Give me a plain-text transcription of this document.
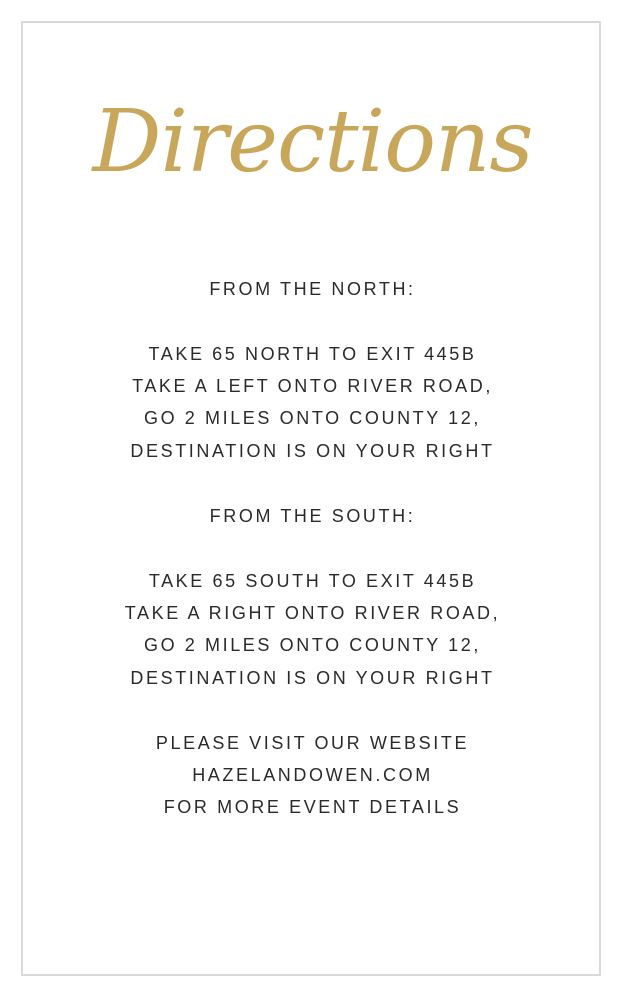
Directions
FROM THE NORTH:
TAKE 65 NORTH TO EXIT 445B
TAKE A LEFT ONTO RIVER ROAD,
GO 2 MILES ONTO COUNTY 12,
DESTINATION IS ON YOUR RIGHT
FROM THE SOUTH:
TAKE 65 SOUTH TO EXIT 445B
TAKE A RIGHT ONTO RIVER ROAD,
GO 2 MILES ONTO COUNTY 12,
DESTINATION IS ON YOUR RIGHT
PLEASE VISIT OUR WEBSITE
HAZELANDOWEN.COM
FOR MORE EVENT DETAILS
